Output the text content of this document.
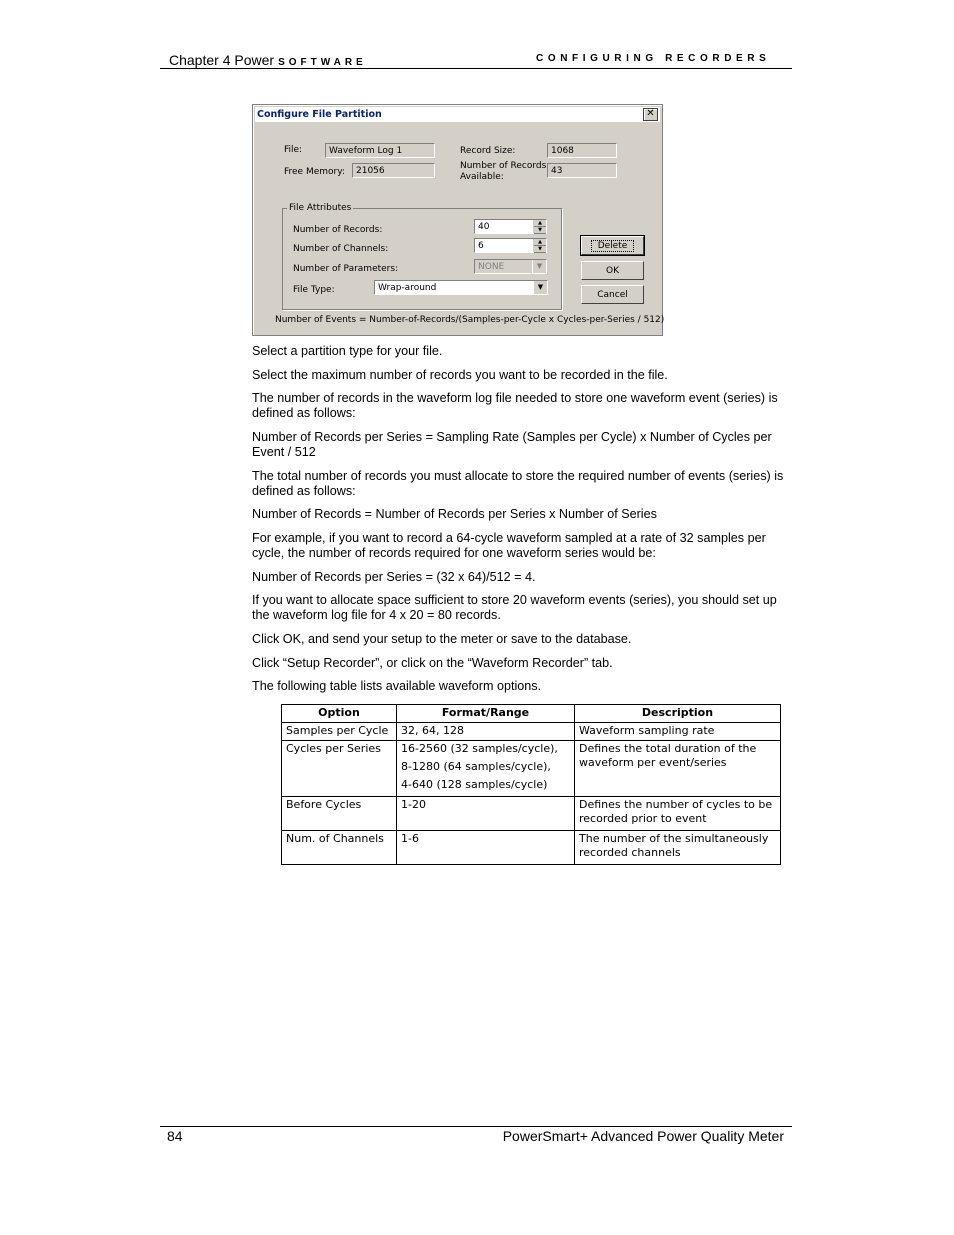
Chapter 4 Power SOFTWARE	CONFIGURING RECORDERS
Configure File Partition	✕
File:	Waveform Log 1
Free Memory:	21056
Record Size:	1068
Number of Records
Available:
43
File Attributes
Number of Records:	40	▲
▼
Number of Channels:	6	▲
▼
Number of Parameters:	NONE	▼
File Type:	Wrap-around	▼
Delete
OK
Cancel
Number of Events = Number-of-Records/(Samples-per-Cycle x Cycles-per-Series / 512)
Select a partition type for your file.
Select the maximum number of records you want to be recorded in the file.
The number of records in the waveform log file needed to store one waveform event (series) is defined as follows:
Number of Records per Series = Sampling Rate (Samples per Cycle) x Number of Cycles per Event / 512
The total number of records you must allocate to store the required number of events (series) is defined as follows:
Number of Records = Number of Records per Series x Number of Series
For example, if you want to record a 64-cycle waveform sampled at a rate of 32 samples per cycle, the number of records required for one waveform series would be:
Number of Records per Series = (32 x 64)/512 = 4.
If you want to allocate space sufficient to store 20 waveform events (series), you should set up the waveform log file for 4 x 20 = 80 records.
Click OK, and send your setup to the meter or save to the database.
Click “Setup Recorder”, or click on the “Waveform Recorder” tab.
The following table lists available waveform options.
Option	Format/Range	Description
Samples per Cycle	32, 64, 128	Waveform sampling rate
Cycles per Series	16-2560 (32 samples/cycle),
8-1280 (64 samples/cycle),
4-640 (128 samples/cycle)	Defines the total duration of the waveform per event/series
Before Cycles	1-20	Defines the number of cycles to be recorded prior to event
Num. of Channels	1-6	The number of the simultaneously recorded channels
84	PowerSmart+ Advanced Power Quality Meter
